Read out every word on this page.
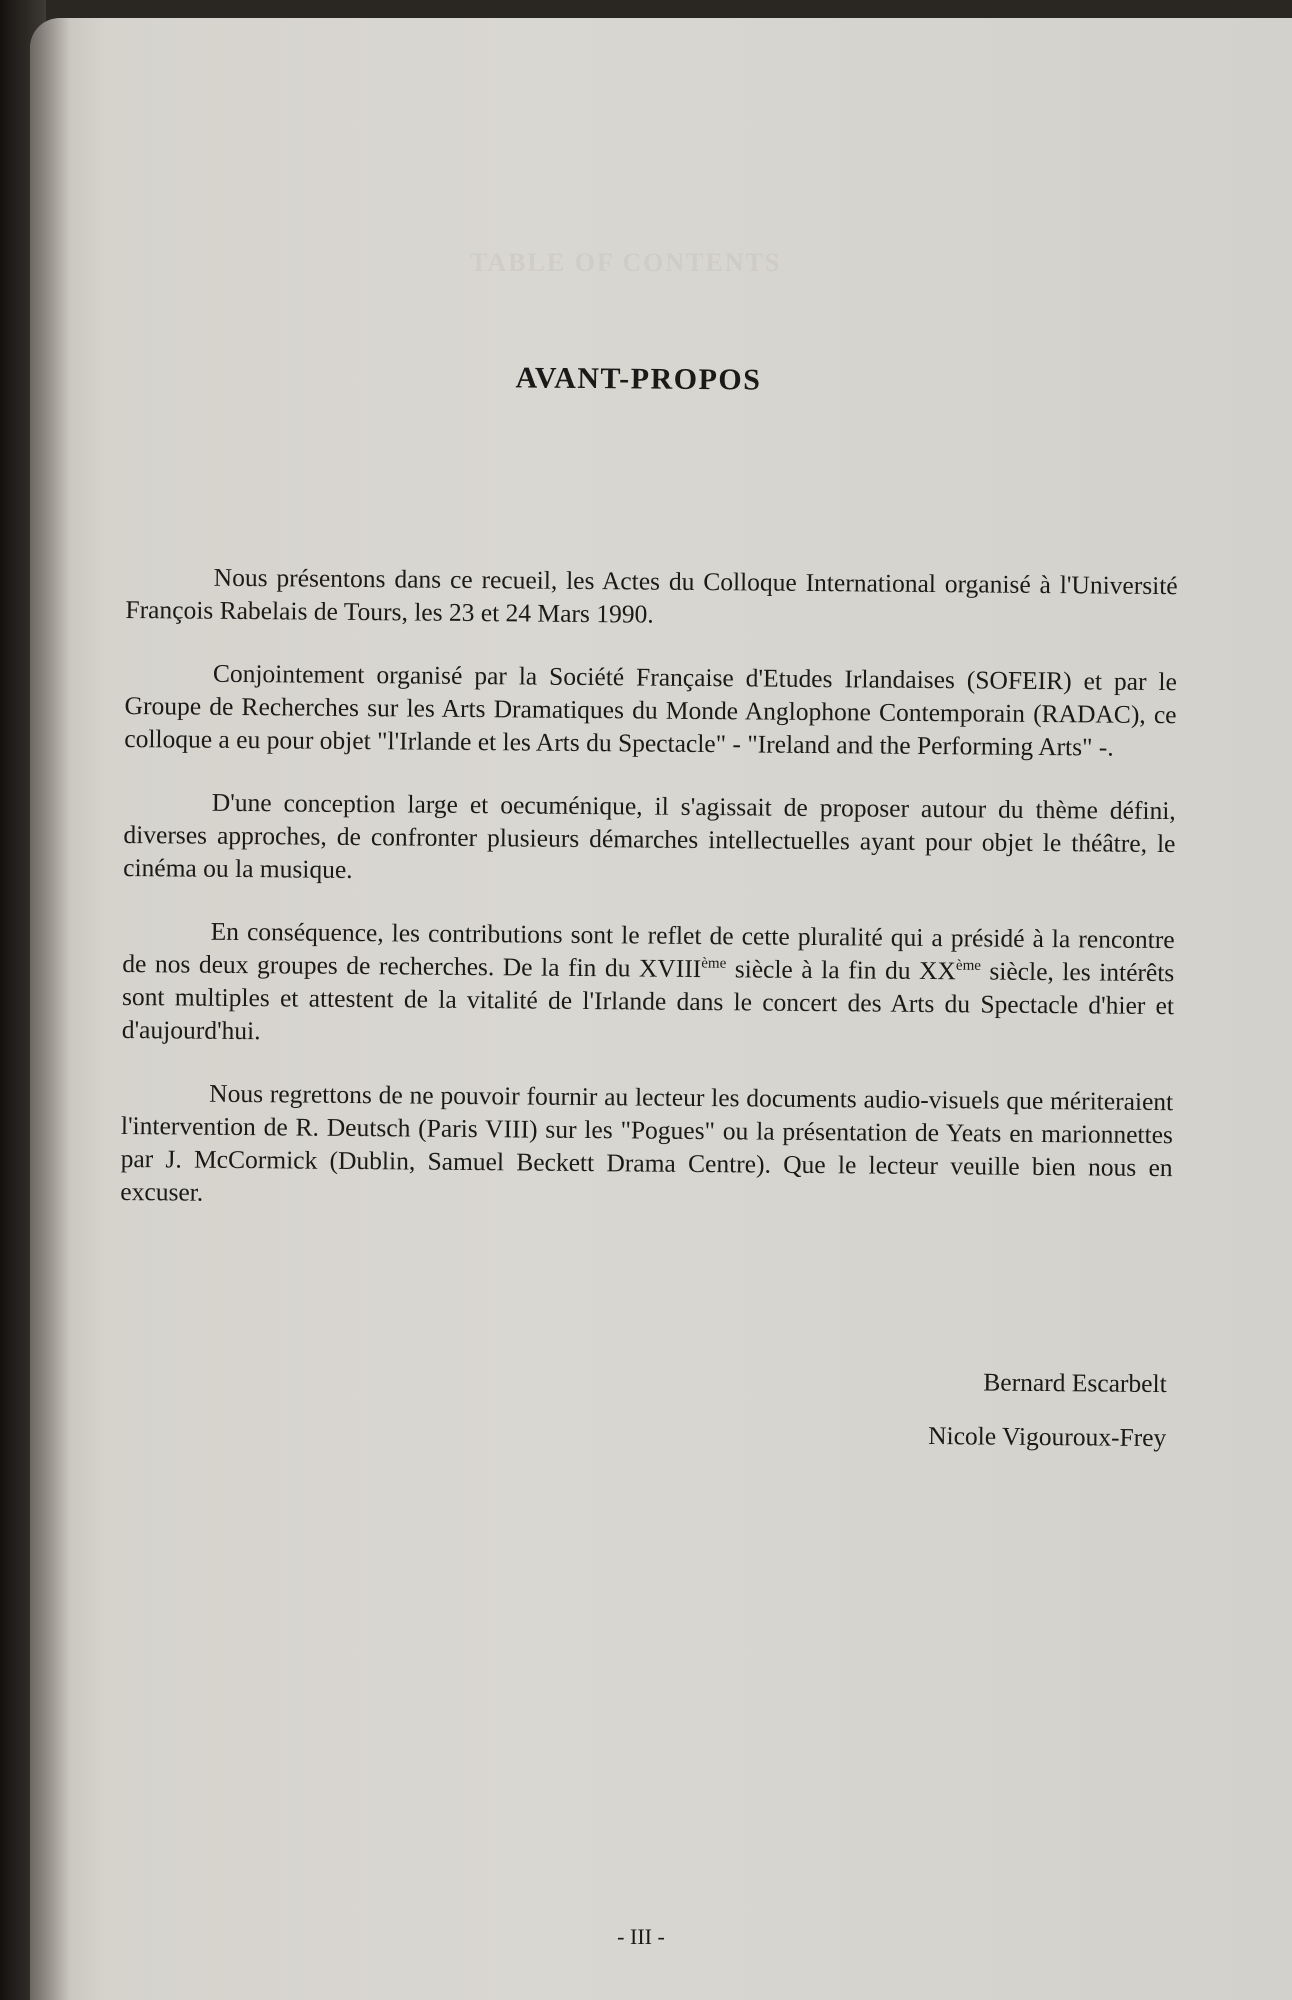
TABLE OF CONTENTS
AVANT-PROPOS

Nous présentons dans ce recueil, les Actes du Colloque International organisé à l'Université François Rabelais de Tours, les 23 et 24 Mars 1990.

Conjointement organisé par la Société Française d'Etudes Irlandaises (SOFEIR) et par le Groupe de Recherches sur les Arts Dramatiques du Monde Anglophone Contemporain (RADAC), ce colloque a eu pour objet "l'Irlande et les Arts du Spectacle" - "Ireland and the Performing Arts" -.

D'une conception large et oecuménique, il s'agissait de proposer autour du thème défini, diverses approches, de confronter plusieurs démarches intellectuelles ayant pour objet le théâtre, le cinéma ou la musique.

En conséquence, les contributions sont le reflet de cette pluralité qui a présidé à la rencontre de nos deux groupes de recherches. De la fin du XVIIIème siècle à la fin du XXème siècle, les intérêts sont multiples et attestent de la vitalité de l'Irlande dans le concert des Arts du Spectacle d'hier et d'aujourd'hui.

Nous regrettons de ne pouvoir fournir au lecteur les documents audio-visuels que mériteraient l'intervention de R. Deutsch (Paris VIII) sur les "Pogues" ou la présentation de Yeats en marionnettes par J. McCormick (Dublin, Samuel Beckett Drama Centre). Que le lecteur veuille bien nous en excuser.

Bernard Escarbelt
Nicole Vigouroux-Frey
- III -
